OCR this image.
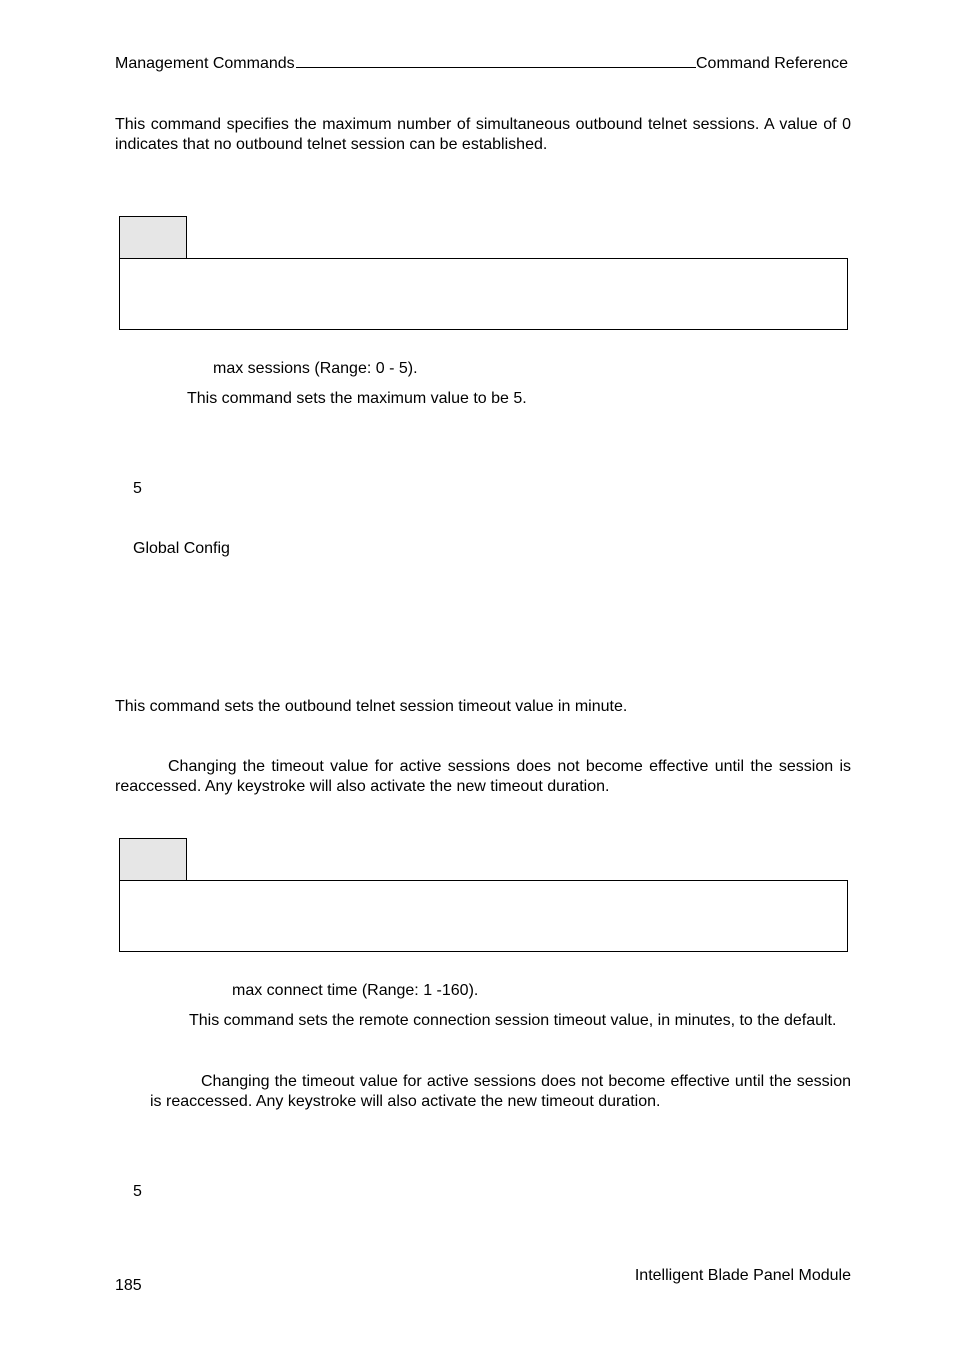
Management Commands	Command Reference
This command specifies the maximum number of simultaneous outbound telnet sessions. A value of 0 indicates that no outbound telnet session can be established.
max sessions (Range: 0 - 5).
This command sets the maximum value to be 5.
5
Global Config
This command sets the outbound telnet session timeout value in minute.
Changing the timeout value for active sessions does not become effective until the session is reaccessed. Any keystroke will also activate the new timeout duration.
max connect time (Range: 1 -160).
This command sets the remote connection session timeout value, in minutes, to the default.
Changing the timeout value for active sessions does not become effective until the session is reaccessed. Any keystroke will also activate the new timeout duration.
5
Intelligent Blade Panel Module
185
